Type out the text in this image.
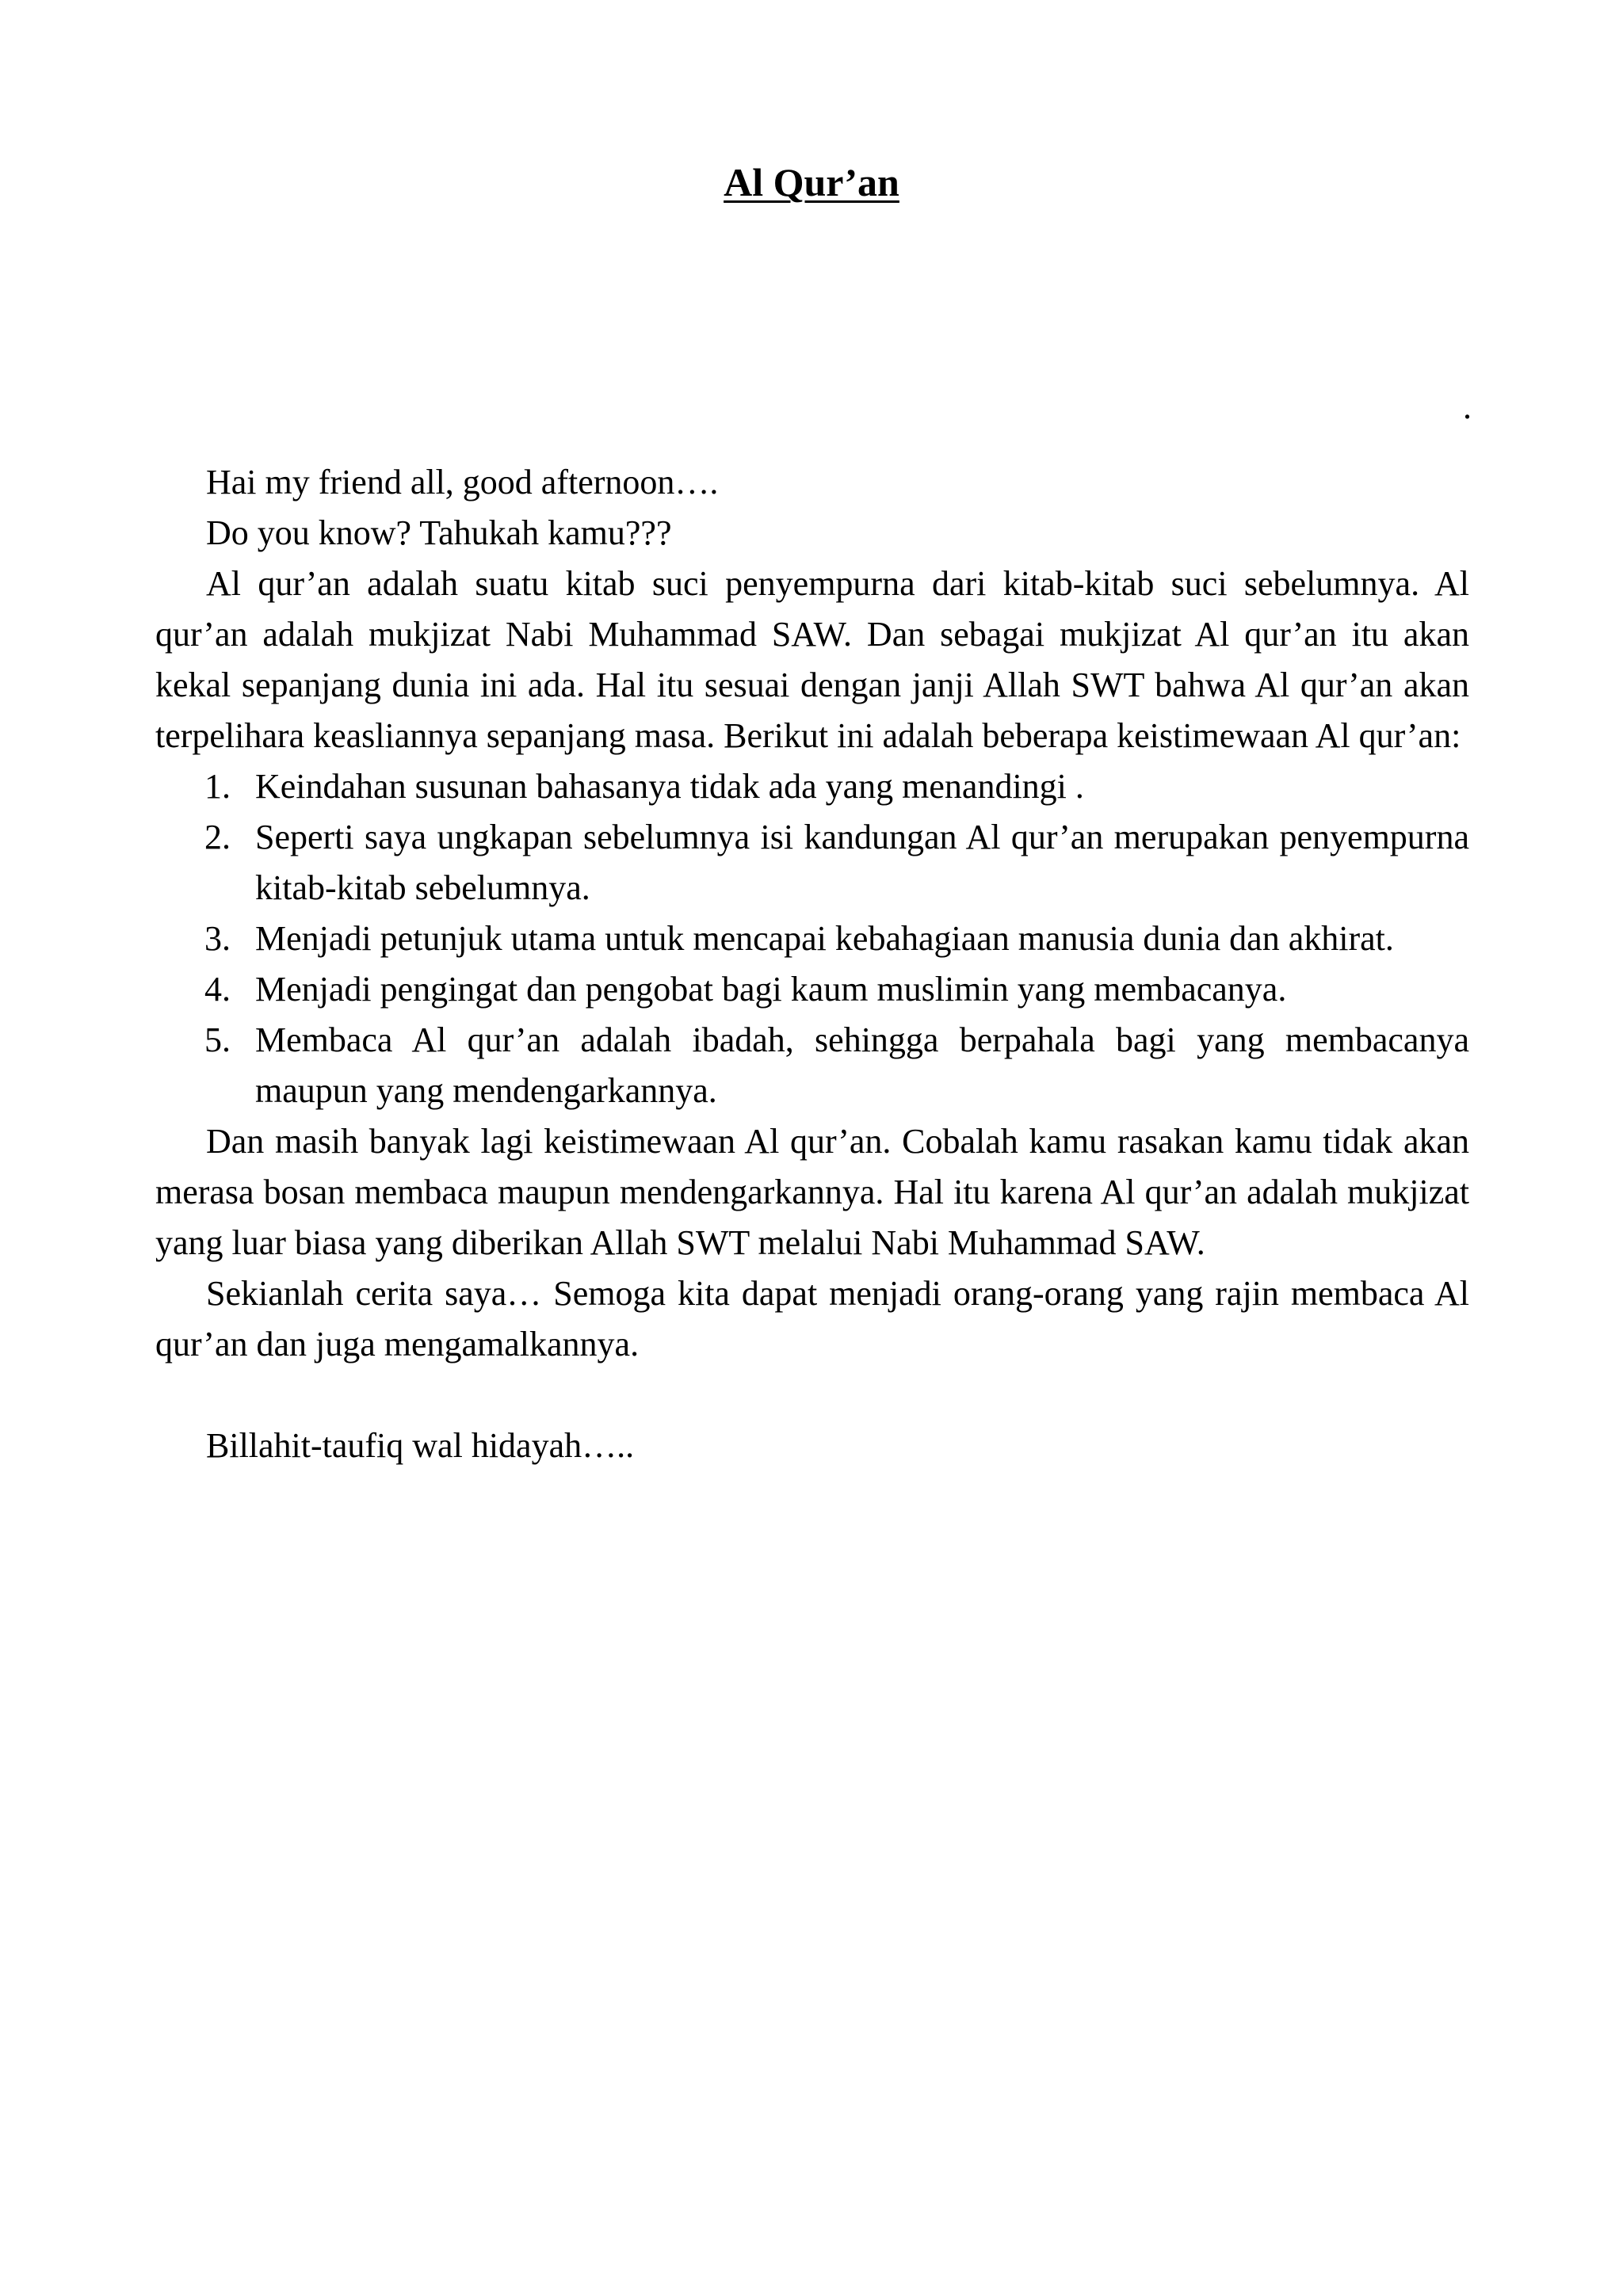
Al Qur’an
.

Hai my friend all, good afternoon….

Do you know? Tahukah kamu???

Al qur’an adalah suatu kitab suci penyempurna dari kitab-kitab suci sebelumnya. Al qur’an adalah mukjizat Nabi Muhammad SAW. Dan sebagai mukjizat Al qur’an itu akan kekal sepanjang dunia ini ada. Hal itu sesuai dengan janji Allah SWT bahwa Al qur’an akan terpelihara keasliannya sepanjang masa. Berikut ini adalah beberapa keistimewaan Al qur’an:

1. Keindahan susunan bahasanya tidak ada yang menandingi .
2. Seperti saya ungkapan sebelumnya isi kandungan Al qur’an merupakan penyempurna kitab-kitab sebelumnya.
3. Menjadi petunjuk utama untuk mencapai kebahagiaan manusia dunia dan akhirat.
4. Menjadi pengingat dan pengobat bagi kaum muslimin yang membacanya.
5. Membaca Al qur’an adalah ibadah, sehingga berpahala bagi yang membacanya maupun yang mendengarkannya.

Dan masih banyak lagi keistimewaan Al qur’an. Cobalah kamu rasakan kamu tidak akan merasa bosan membaca maupun mendengarkannya. Hal itu karena Al qur’an adalah mukjizat yang luar biasa yang diberikan Allah SWT melalui Nabi Muhammad SAW.

Sekianlah cerita saya… Semoga kita dapat menjadi orang-orang yang rajin membaca Al qur’an dan juga mengamalkannya.

Billahit-taufiq wal hidayah…..
